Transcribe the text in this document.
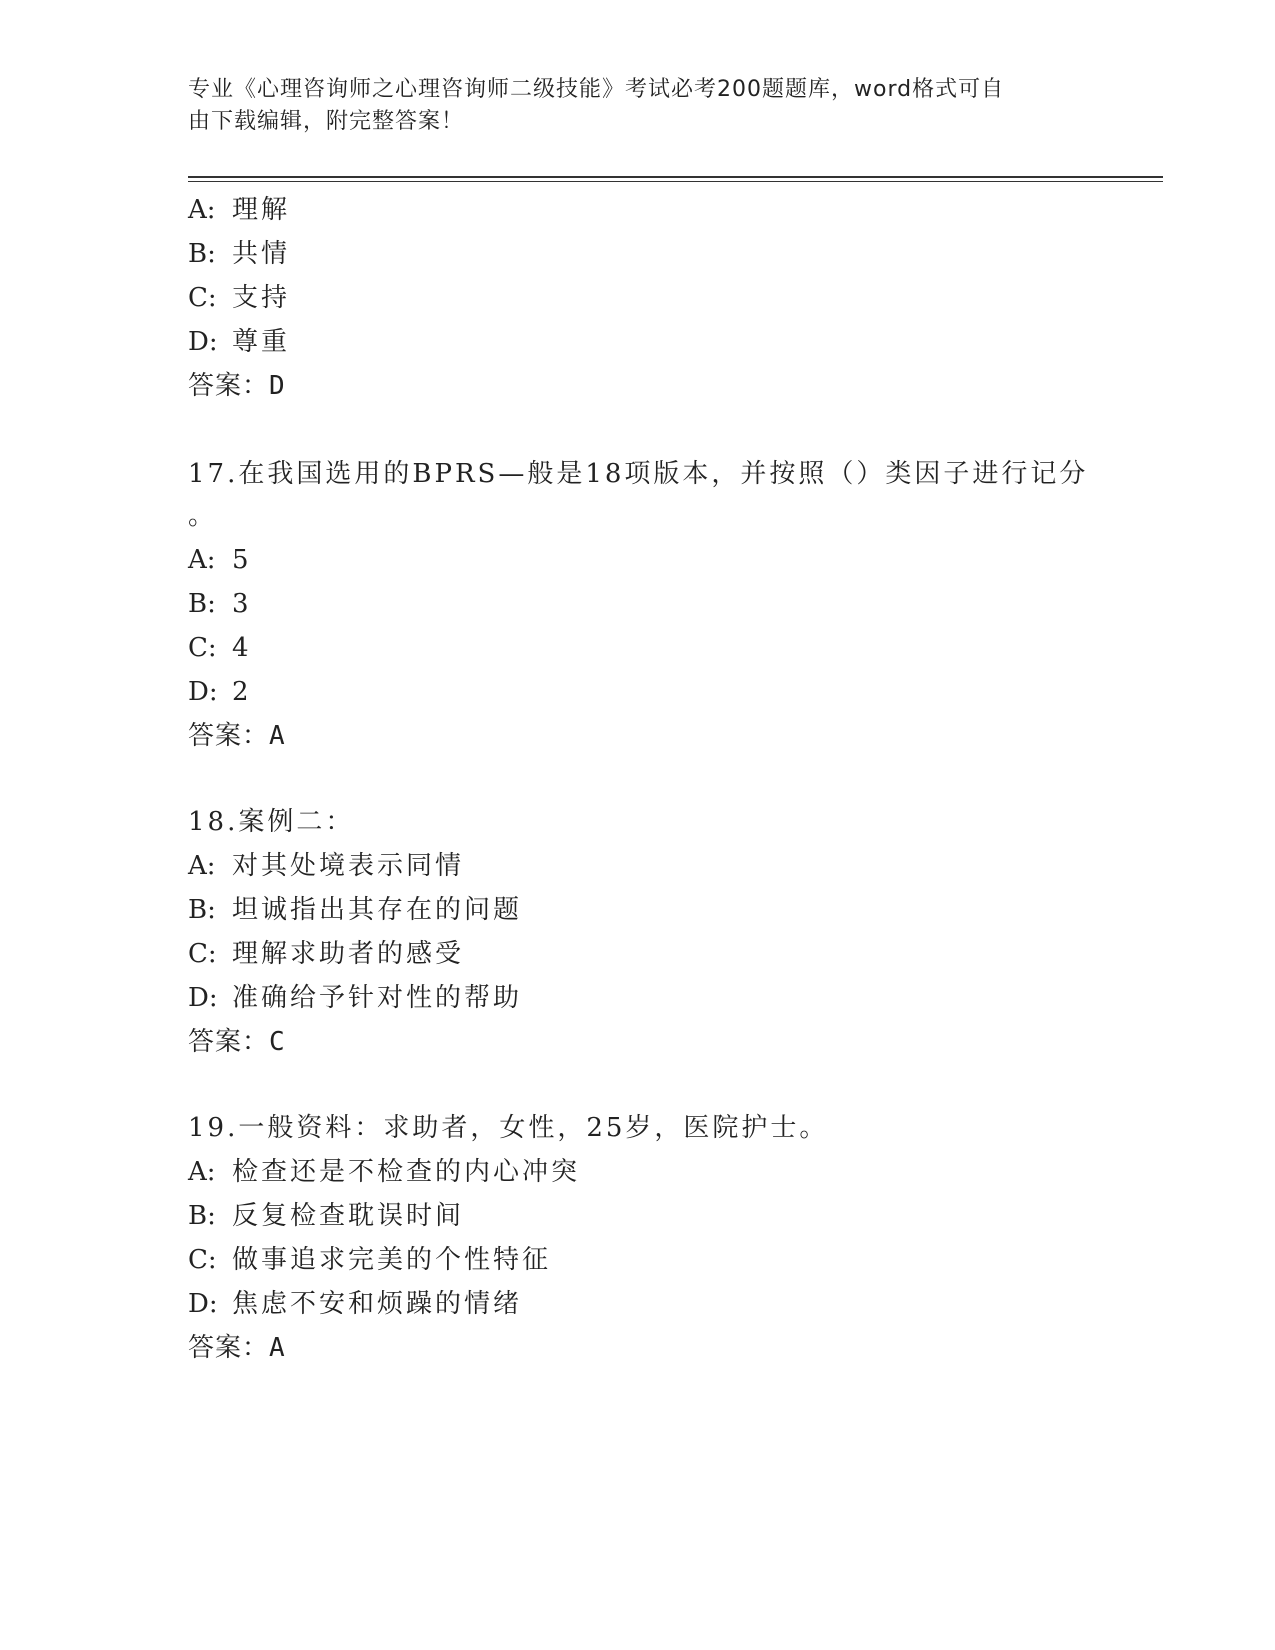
专业《心理咨询师之心理咨询师二级技能》考试必考200题题库，word格式可自
由下载编辑，附完整答案！
A: 理解
B: 共情
C: 支持
D: 尊重
答案：D
17.在我国选用的BPRS—般是18项版本，并按照（）类因子进行记分
。
A: 5
B: 3
C: 4
D: 2
答案：A
18.案例二：
A: 对其处境表示同情
B: 坦诚指出其存在的问题
C: 理解求助者的感受
D: 准确给予针对性的帮助
答案：C
19.一般资料：求助者，女性，25岁，医院护士。
A: 检查还是不检查的内心冲突
B: 反复检查耽误时间
C: 做事追求完美的个性特征
D: 焦虑不安和烦躁的情绪
答案：A
